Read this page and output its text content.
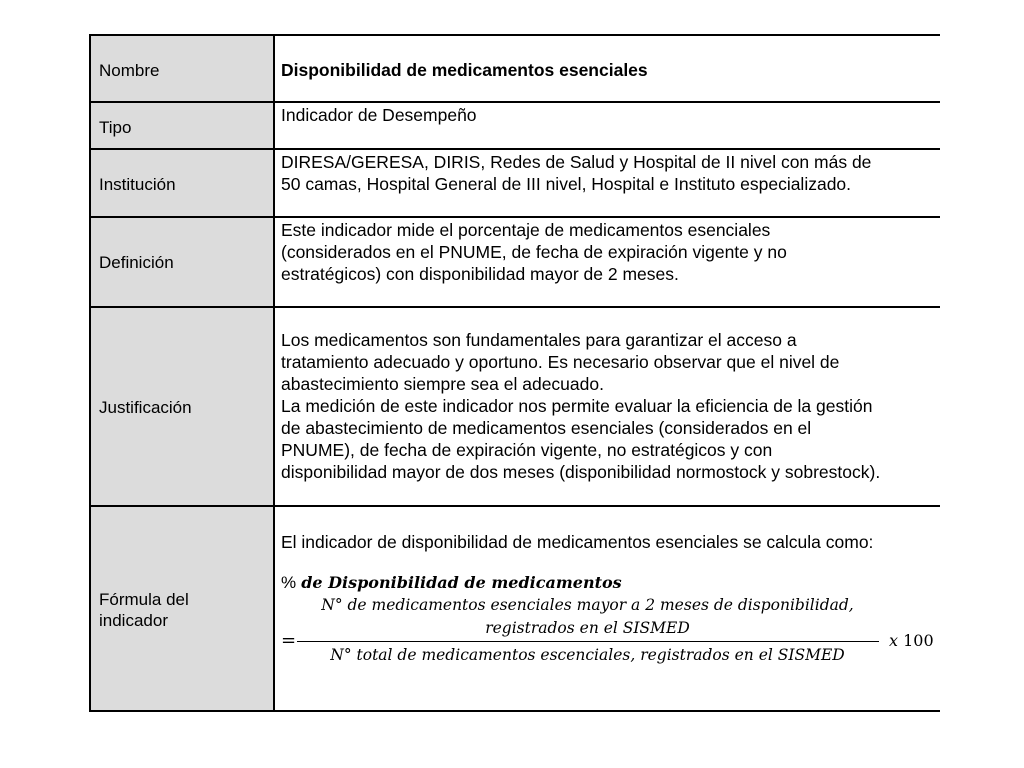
Nombre	Disponibilidad de medicamentos esenciales
Tipo
Indicador de Desempeño
Institución
DIRESA/GERESA, DIRIS, Redes de Salud y Hospital de II nivel con más de
50 camas, Hospital General de III nivel, Hospital e Instituto especializado.
Definición
Este indicador mide el porcentaje de medicamentos esenciales
(considerados en el PNUME, de fecha de expiración vigente y no
estratégicos) con disponibilidad mayor de 2 meses.
Justificación
Los medicamentos son fundamentales para garantizar el acceso a
tratamiento adecuado y oportuno. Es necesario observar que el nivel de
abastecimiento siempre sea el adecuado.
La medición de este indicador nos permite evaluar la eficiencia de la gestión
de abastecimiento de medicamentos esenciales (considerados en el
PNUME), de fecha de expiración vigente, no estratégicos y con
disponibilidad mayor de dos meses (disponibilidad normostock y sobrestock).
Fórmula del
indicador
El indicador de disponibilidad de medicamentos esenciales se calcula como:
% de Disponibilidad de medicamentos
N° de medicamentos esenciales mayor a 2 meses de disponibilidad,
registrados en el SISMED
=
N° total de medicamentos escenciales, registrados en el SISMED
x 100
